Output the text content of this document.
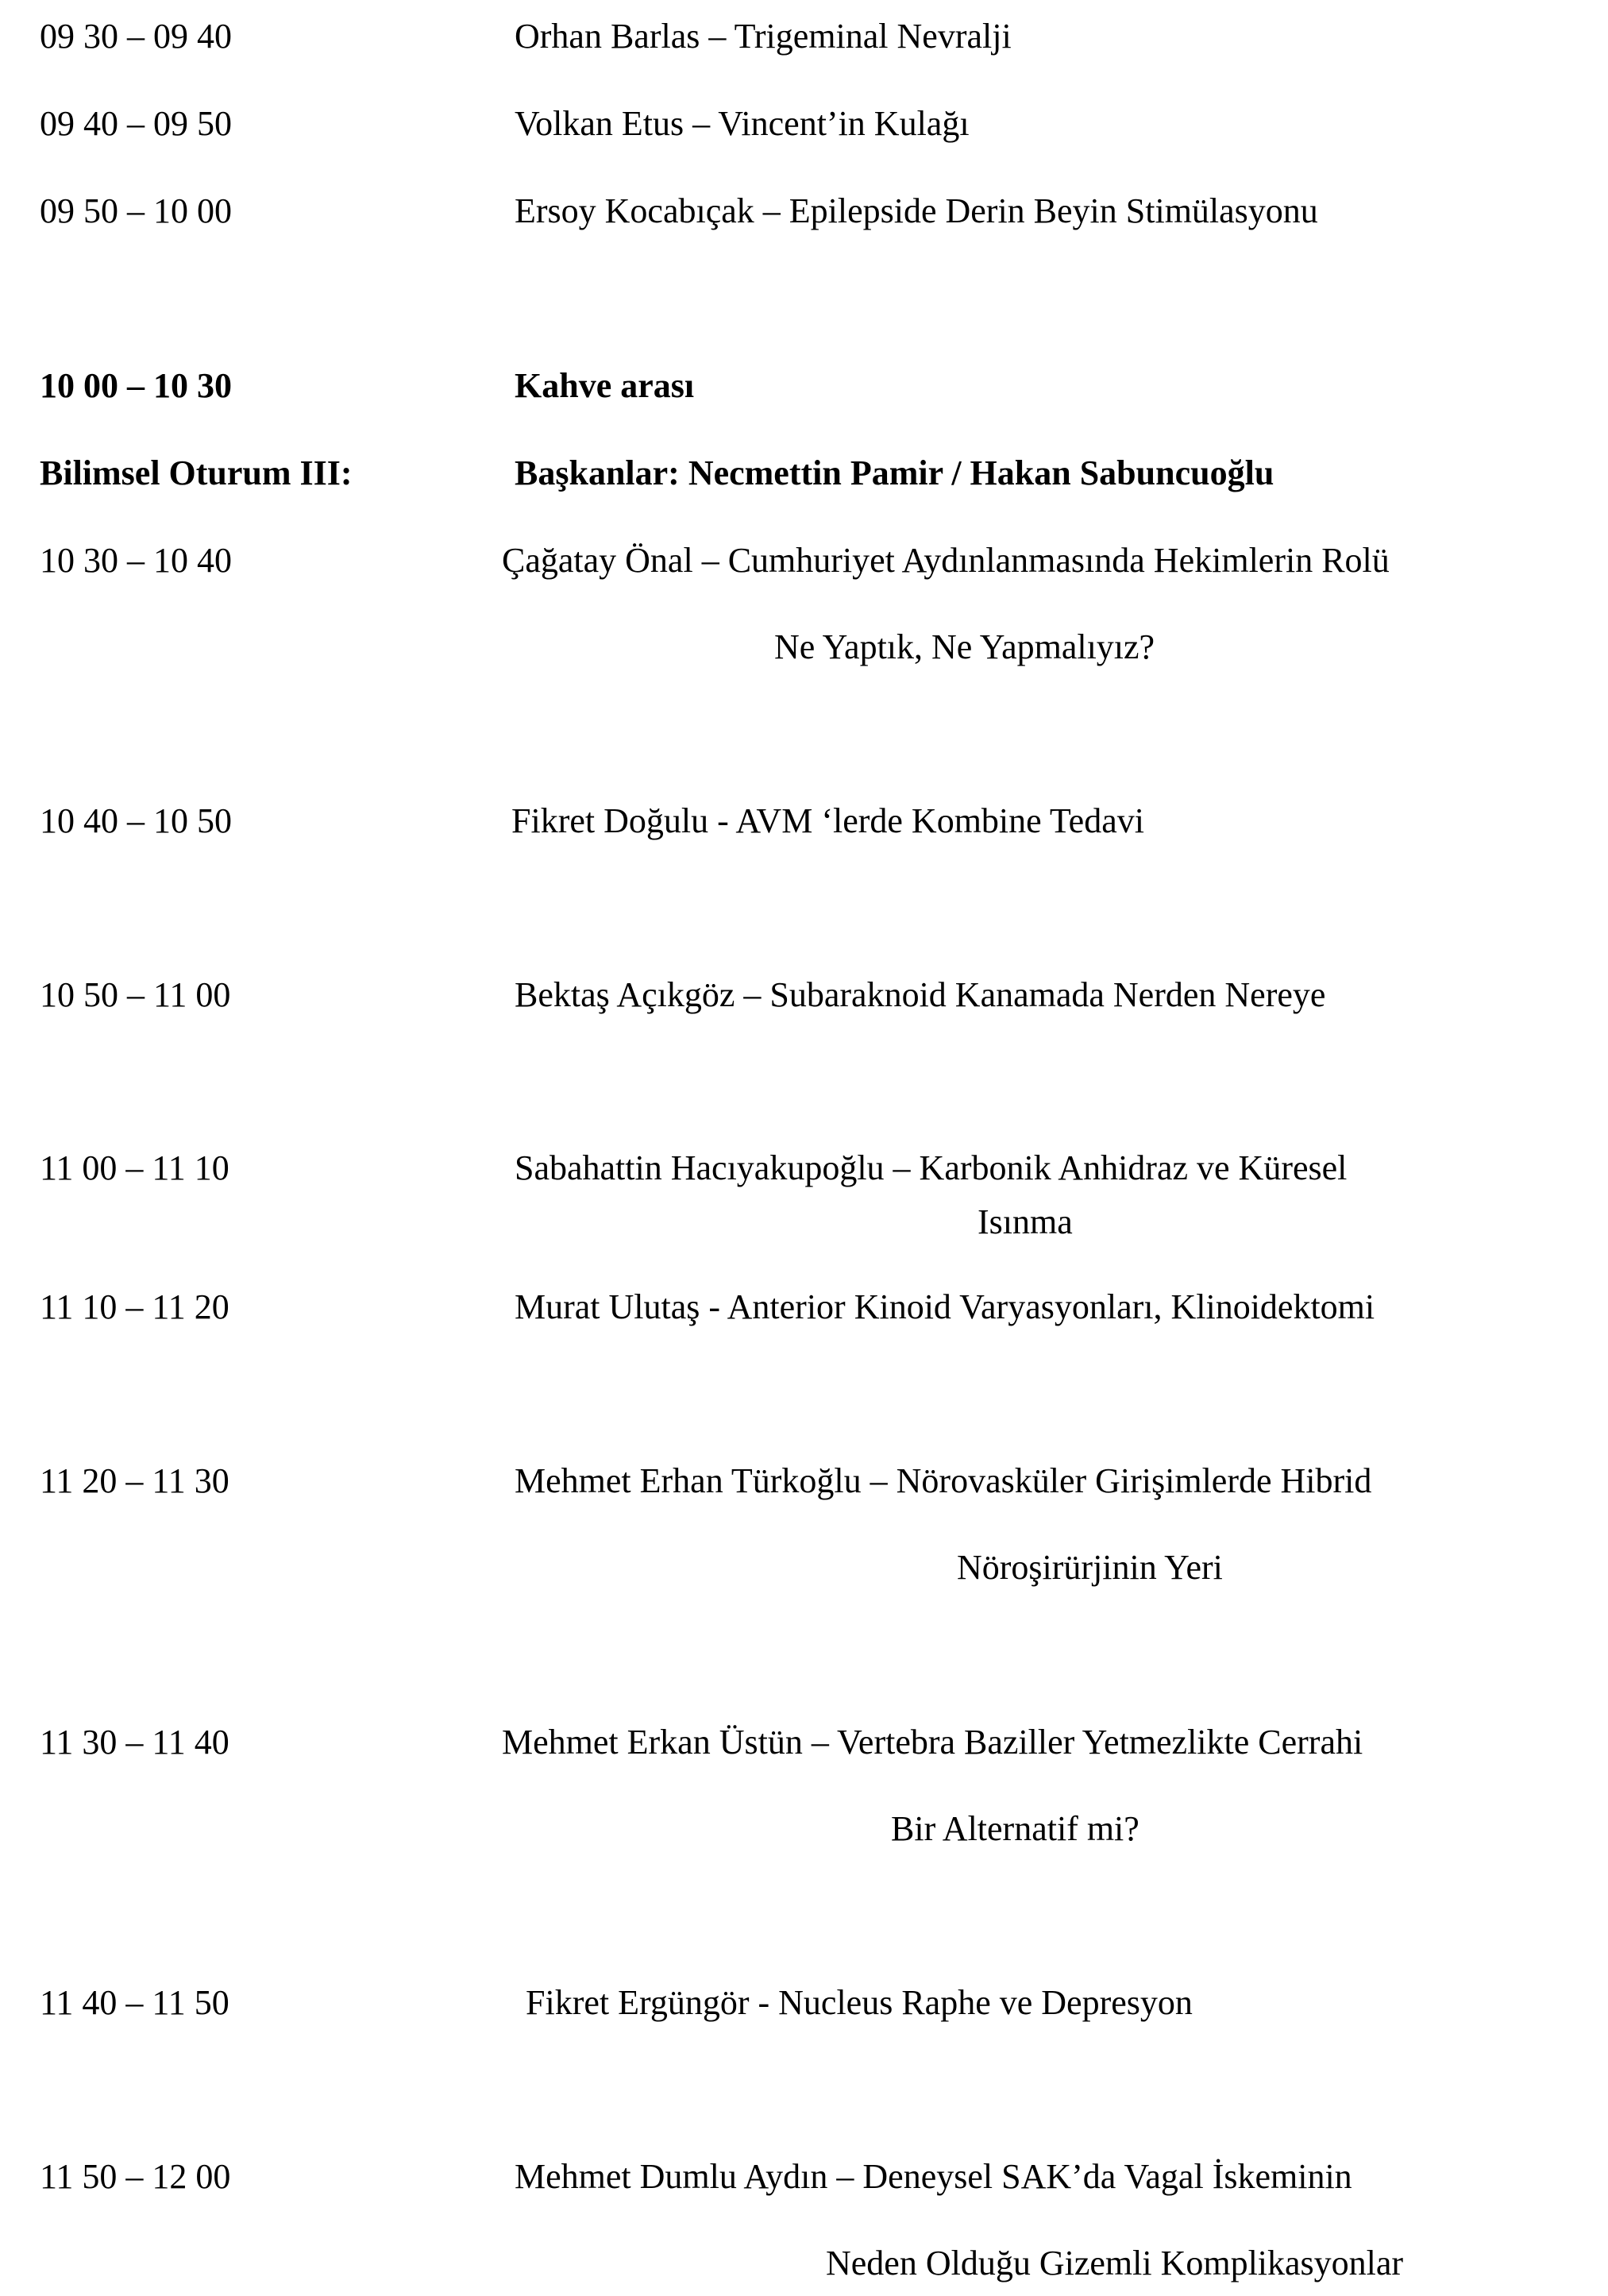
09 30 – 09 40	Orhan Barlas – Trigeminal Nevralji
09 40 – 09 50	Volkan Etus – Vincent’in Kulağı
09 50 – 10 00	Ersoy Kocabıçak – Epilepside Derin Beyin Stimülasyonu
10 00 – 10 30	Kahve arası
Bilimsel Oturum III:	Başkanlar: Necmettin Pamir / Hakan Sabuncuoğlu
10 30 – 10 40	Çağatay Önal – Cumhuriyet Aydınlanmasında Hekimlerin Rolü
Ne Yaptık, Ne Yapmalıyız?
10 40 – 10 50	Fikret Doğulu - AVM ‘lerde Kombine Tedavi
10 50 – 11 00	Bektaş Açıkgöz – Subaraknoid Kanamada Nerden Nereye
11 00 – 11 10	Sabahattin Hacıyakupoğlu – Karbonik Anhidraz ve Küresel
Isınma
11 10 – 11 20	Murat Ulutaş - Anterior Kinoid Varyasyonları, Klinoidektomi
11 20 – 11 30	Mehmet Erhan Türkoğlu – Nörovasküler Girişimlerde Hibrid
Nöroşirürjinin Yeri
11 30 – 11 40	Mehmet Erkan Üstün – Vertebra Baziller Yetmezlikte Cerrahi
Bir Alternatif mi?
11 40 – 11 50	Fikret Ergüngör - Nucleus Raphe ve Depresyon
11 50 – 12 00	Mehmet Dumlu Aydın – Deneysel SAK’da Vagal İskeminin
Neden Olduğu Gizemli Komplikasyonlar
